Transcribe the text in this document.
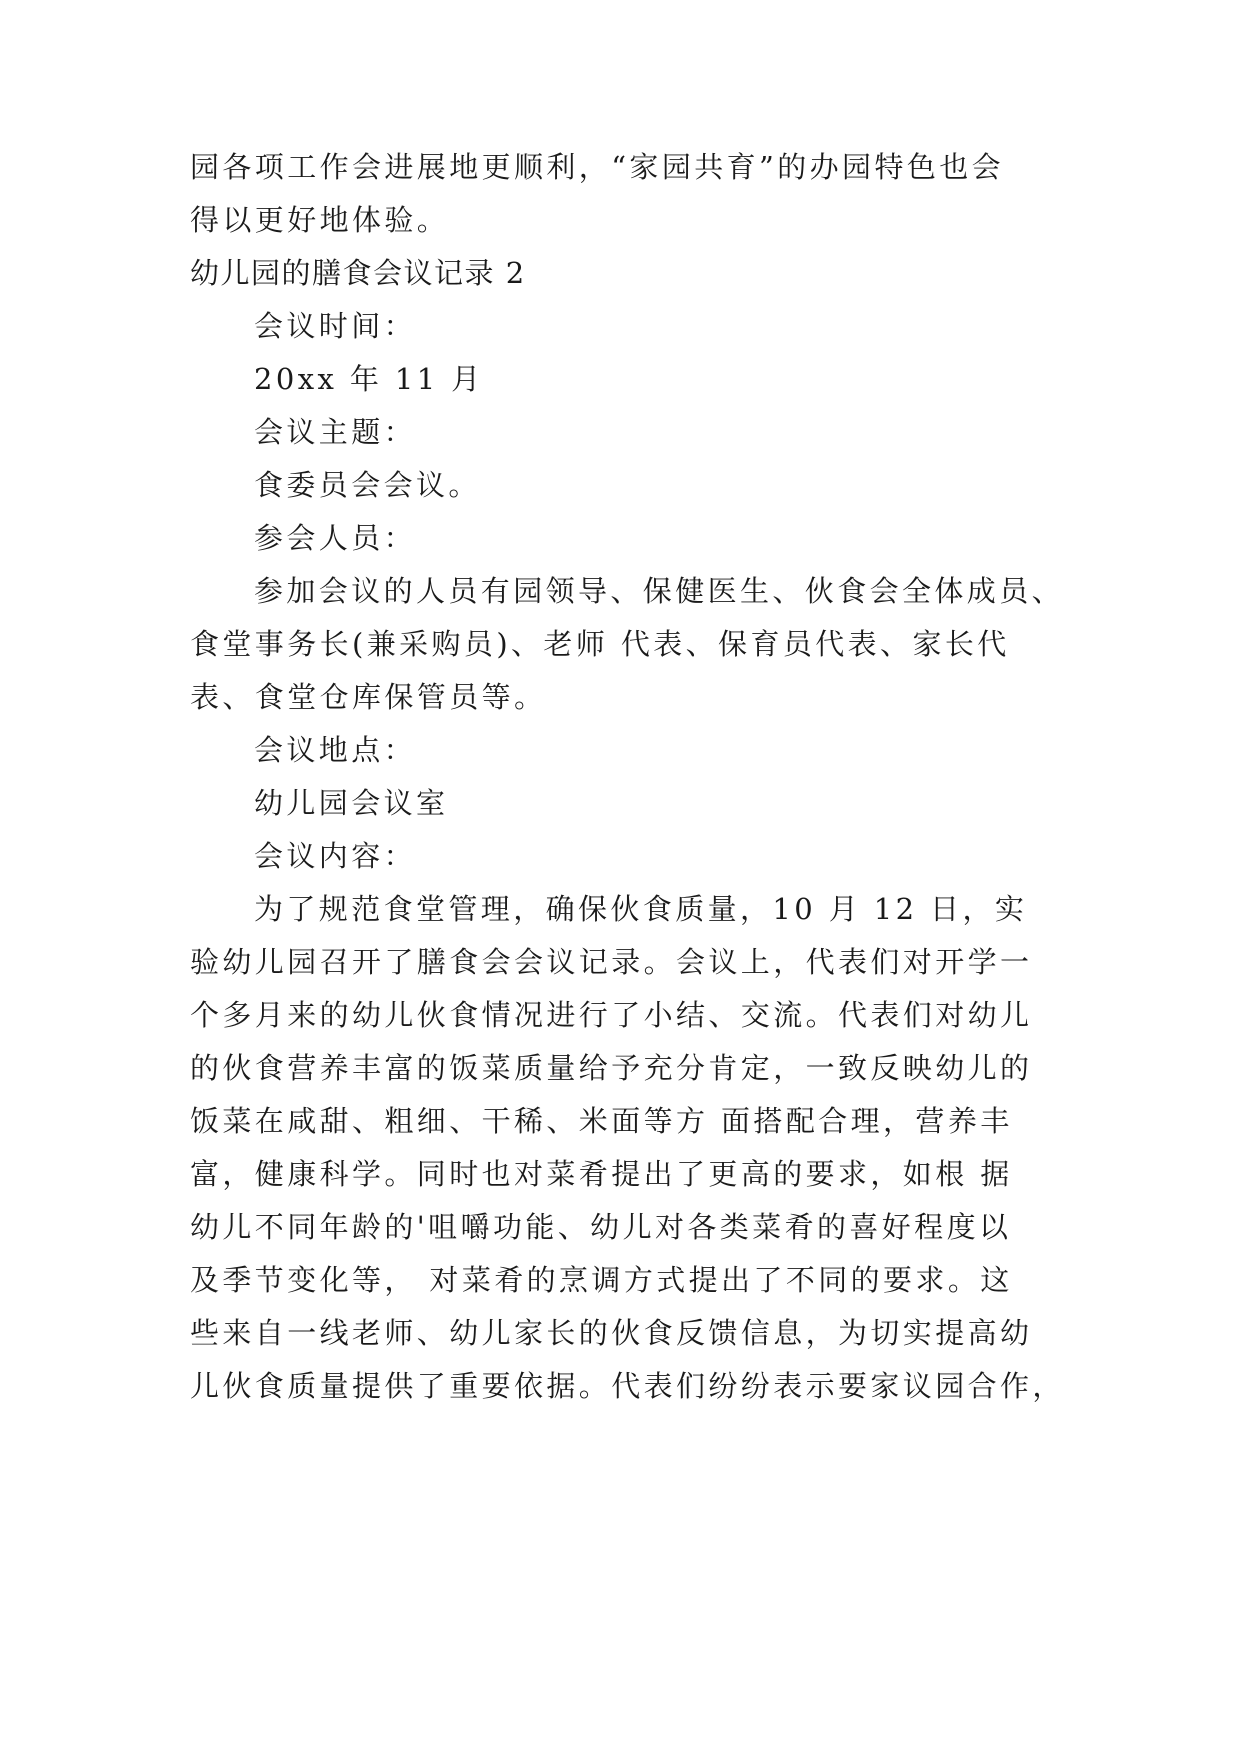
园各项工作会进展地更顺利，“家园共育”的办园特色也会
得以更好地体验。
幼儿园的膳食会议记录 2
会议时间：
20xx 年 11 月
会议主题：
食委员会会议。
参会人员：
参加会议的人员有园领导、保健医生、伙食会全体成员、
食堂事务长(兼采购员)、老师 代表、保育员代表、家长代
表、食堂仓库保管员等。
会议地点：
幼儿园会议室
会议内容：
为了规范食堂管理，确保伙食质量，10 月 12 日，实
验幼儿园召开了膳食会会议记录。会议上，代表们对开学一
个多月来的幼儿伙食情况进行了小结、交流。代表们对幼儿
的伙食营养丰富的饭菜质量给予充分肯定，一致反映幼儿的
饭菜在咸甜、粗细、干稀、米面等方 面搭配合理，营养丰
富，健康科学。同时也对菜肴提出了更高的要求，如根 据
幼儿不同年龄的'咀嚼功能、幼儿对各类菜肴的喜好程度以
及季节变化等， 对菜肴的烹调方式提出了不同的要求。这
些来自一线老师、幼儿家长的伙食反馈信息，为切实提高幼
儿伙食质量提供了重要依据。代表们纷纷表示要家议园合作，
